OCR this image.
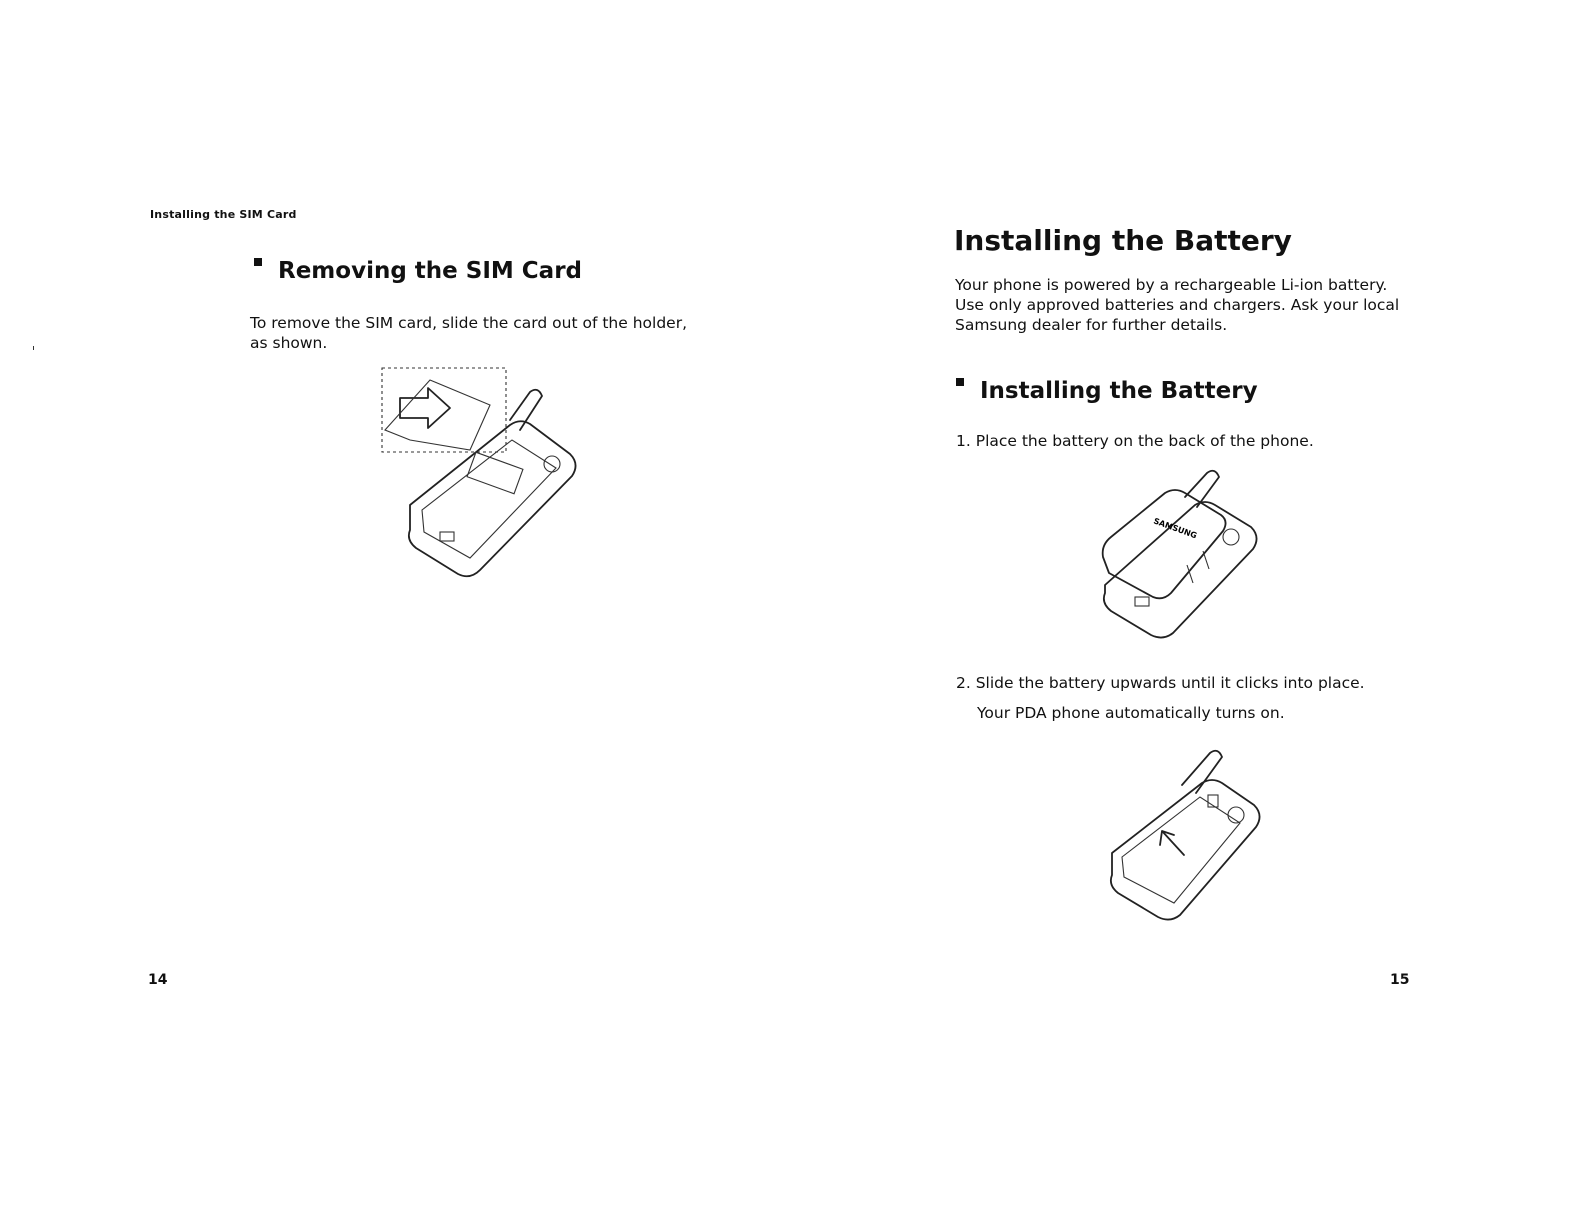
Installing the SIM Card
Removing the SIM Card
To remove the SIM card, slide the card out of the holder,
as shown.
14
Installing the Battery
Your phone is powered by a rechargeable Li-ion battery.
Use only approved batteries and chargers. Ask your local
Samsung dealer for further details.
Installing the Battery
1. Place the battery on the back of the phone.
SAMSUNG
2. Slide the battery upwards until it clicks into place.
Your PDA phone automatically turns on.
15
